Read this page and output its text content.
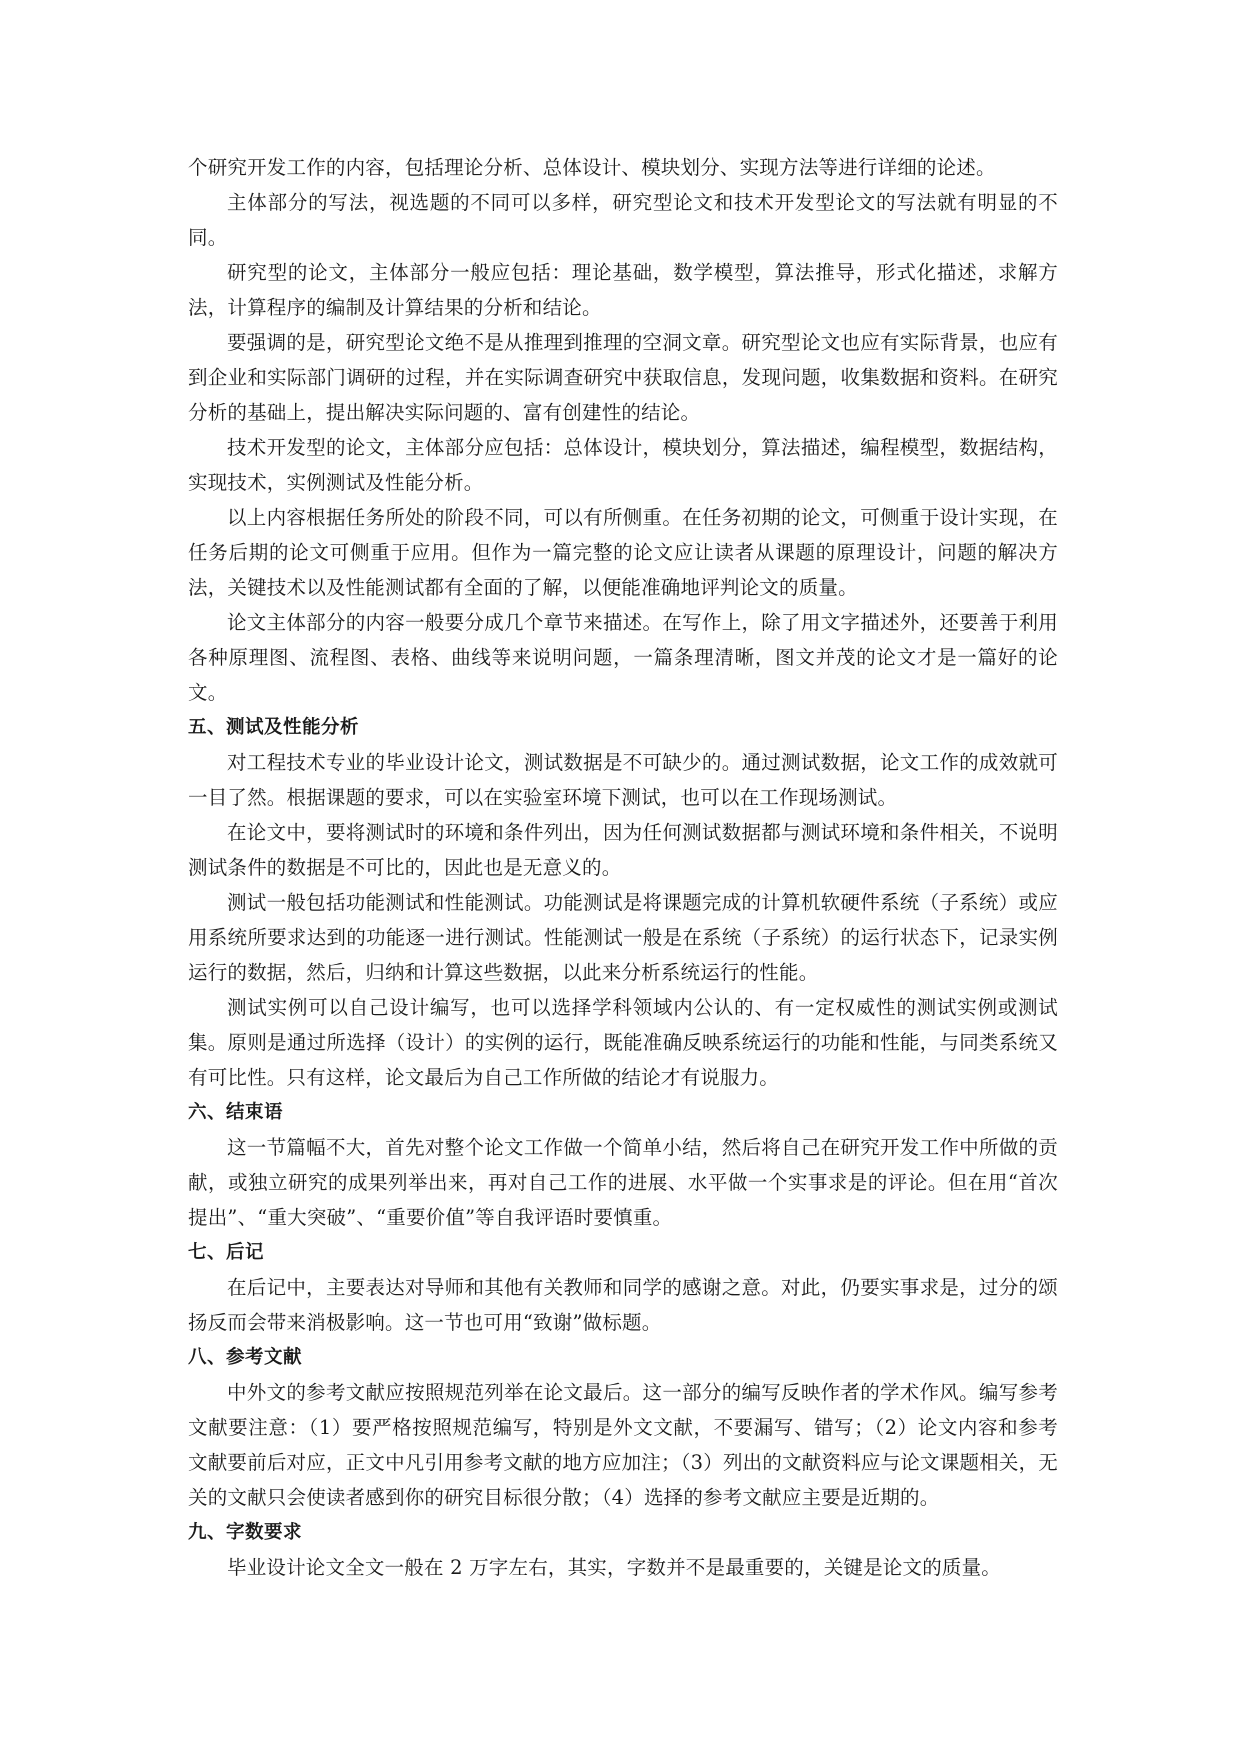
个研究开发工作的内容，包括理论分析、总体设计、模块划分、实现方法等进行详细的论述。

主体部分的写法，视选题的不同可以多样，研究型论文和技术开发型论文的写法就有明显的不同。

研究型的论文，主体部分一般应包括：理论基础，数学模型，算法推导，形式化描述，求解方法，计算程序的编制及计算结果的分析和结论。

要强调的是，研究型论文绝不是从推理到推理的空洞文章。研究型论文也应有实际背景，也应有到企业和实际部门调研的过程，并在实际调查研究中获取信息，发现问题，收集数据和资料。在研究分析的基础上，提出解决实际问题的、富有创建性的结论。

技术开发型的论文，主体部分应包括：总体设计，模块划分，算法描述，编程模型，数据结构，实现技术，实例测试及性能分析。

以上内容根据任务所处的阶段不同，可以有所侧重。在任务初期的论文，可侧重于设计实现，在任务后期的论文可侧重于应用。但作为一篇完整的论文应让读者从课题的原理设计，问题的解决方法，关键技术以及性能测试都有全面的了解，以便能准确地评判论文的质量。

论文主体部分的内容一般要分成几个章节来描述。在写作上，除了用文字描述外，还要善于利用各种原理图、流程图、表格、曲线等来说明问题，一篇条理清晰，图文并茂的论文才是一篇好的论文。

五、测试及性能分析

对工程技术专业的毕业设计论文，测试数据是不可缺少的。通过测试数据，论文工作的成效就可一目了然。根据课题的要求，可以在实验室环境下测试，也可以在工作现场测试。

在论文中，要将测试时的环境和条件列出，因为任何测试数据都与测试环境和条件相关，不说明测试条件的数据是不可比的，因此也是无意义的。

测试一般包括功能测试和性能测试。功能测试是将课题完成的计算机软硬件系统（子系统）或应用系统所要求达到的功能逐一进行测试。性能测试一般是在系统（子系统）的运行状态下，记录实例运行的数据，然后，归纳和计算这些数据，以此来分析系统运行的性能。

测试实例可以自己设计编写，也可以选择学科领域内公认的、有一定权威性的测试实例或测试集。原则是通过所选择（设计）的实例的运行，既能准确反映系统运行的功能和性能，与同类系统又有可比性。只有这样，论文最后为自己工作所做的结论才有说服力。

六、结束语

这一节篇幅不大，首先对整个论文工作做一个简单小结，然后将自己在研究开发工作中所做的贡献，或独立研究的成果列举出来，再对自己工作的进展、水平做一个实事求是的评论。但在用“首次提出”、“重大突破”、“重要价值”等自我评语时要慎重。

七、后记

在后记中，主要表达对导师和其他有关教师和同学的感谢之意。对此，仍要实事求是，过分的颂扬反而会带来消极影响。这一节也可用“致谢”做标题。

八、参考文献

中外文的参考文献应按照规范列举在论文最后。这一部分的编写反映作者的学术作风。编写参考文献要注意：（1）要严格按照规范编写，特别是外文文献，不要漏写、错写；（2）论文内容和参考文献要前后对应，正文中凡引用参考文献的地方应加注；（3）列出的文献资料应与论文课题相关，无关的文献只会使读者感到你的研究目标很分散；（4）选择的参考文献应主要是近期的。

九、字数要求

毕业设计论文全文一般在 2 万字左右，其实，字数并不是最重要的，关键是论文的质量。
